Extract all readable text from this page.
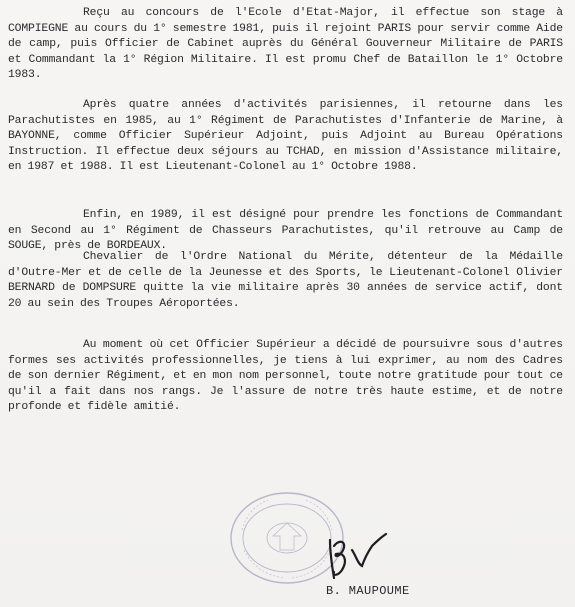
Reçu au concours de l'Ecole d'Etat-Major, il effectue son stage à COMPIEGNE au cours du 1° semestre 1981, puis il rejoint PARIS pour servir comme Aide de camp, puis Officier de Cabinet auprès du Général Gouverneur Militaire de PARIS et Commandant la 1° Région Militaire. Il est promu Chef de Bataillon le 1° Octobre 1983.

Après quatre années d'activités parisiennes, il retourne dans les Parachutistes en 1985, au 1° Régiment de Parachutistes d'Infanterie de Marine, à BAYONNE, comme Officier Supérieur Adjoint, puis Adjoint au Bureau Opérations Instruction. Il effectue deux séjours au TCHAD, en mission d'Assistance militaire, en 1987 et 1988. Il est Lieutenant-Colonel au 1° Octobre 1988.

Enfin, en 1989, il est désigné pour prendre les fonctions de Commandant en Second au 1° Régiment de Chasseurs Parachutistes, qu'il retrouve au Camp de SOUGE, près de BORDEAUX.

Chevalier de l'Ordre National du Mérite, détenteur de la Médaille d'Outre-Mer et de celle de la Jeunesse et des Sports, le Lieutenant-Colonel Olivier BERNARD de DOMPSURE quitte la vie militaire après 30 années de service actif, dont 20 au sein des Troupes Aéroportées.

Au moment où cet Officier Supérieur a décidé de poursuivre sous d'autres formes ses activités professionnelles, je tiens à lui exprimer, au nom des Cadres de son dernier Régiment, et en mon nom personnel, toute notre gratitude pour tout ce qu'il a fait dans nos rangs. Je l'assure de notre très haute estime, et de notre profonde et fidèle amitié.

B. MAUPOUME
